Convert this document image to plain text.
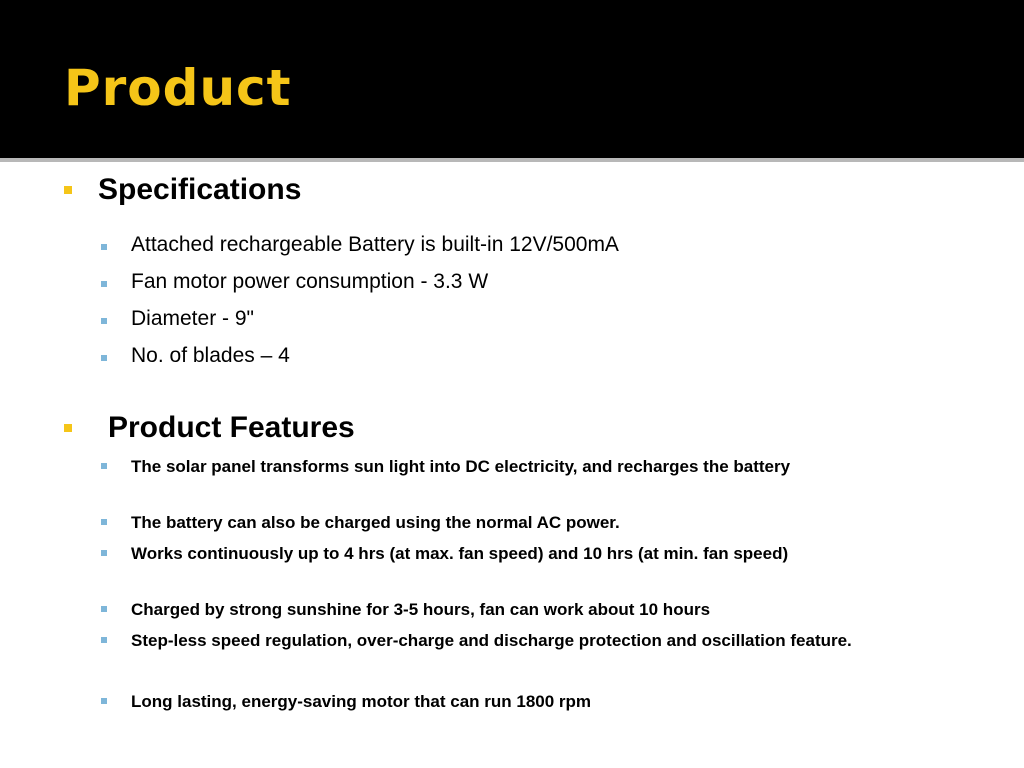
Product
Specifications
Attached rechargeable Battery is built-in 12V/500mA
Fan motor power consumption - 3.3 W
Diameter - 9"
No. of blades – 4
Product Features
The solar panel transforms sun light into DC electricity, and recharges the battery
The battery can also be charged using the normal AC power.
Works continuously up to 4 hrs (at max. fan speed) and 10 hrs (at min. fan speed)
Charged by strong sunshine for 3-5 hours, fan can work about 10 hours
Step-less speed regulation, over-charge and discharge protection and oscillation feature.
Long lasting, energy-saving motor that can run 1800 rpm
